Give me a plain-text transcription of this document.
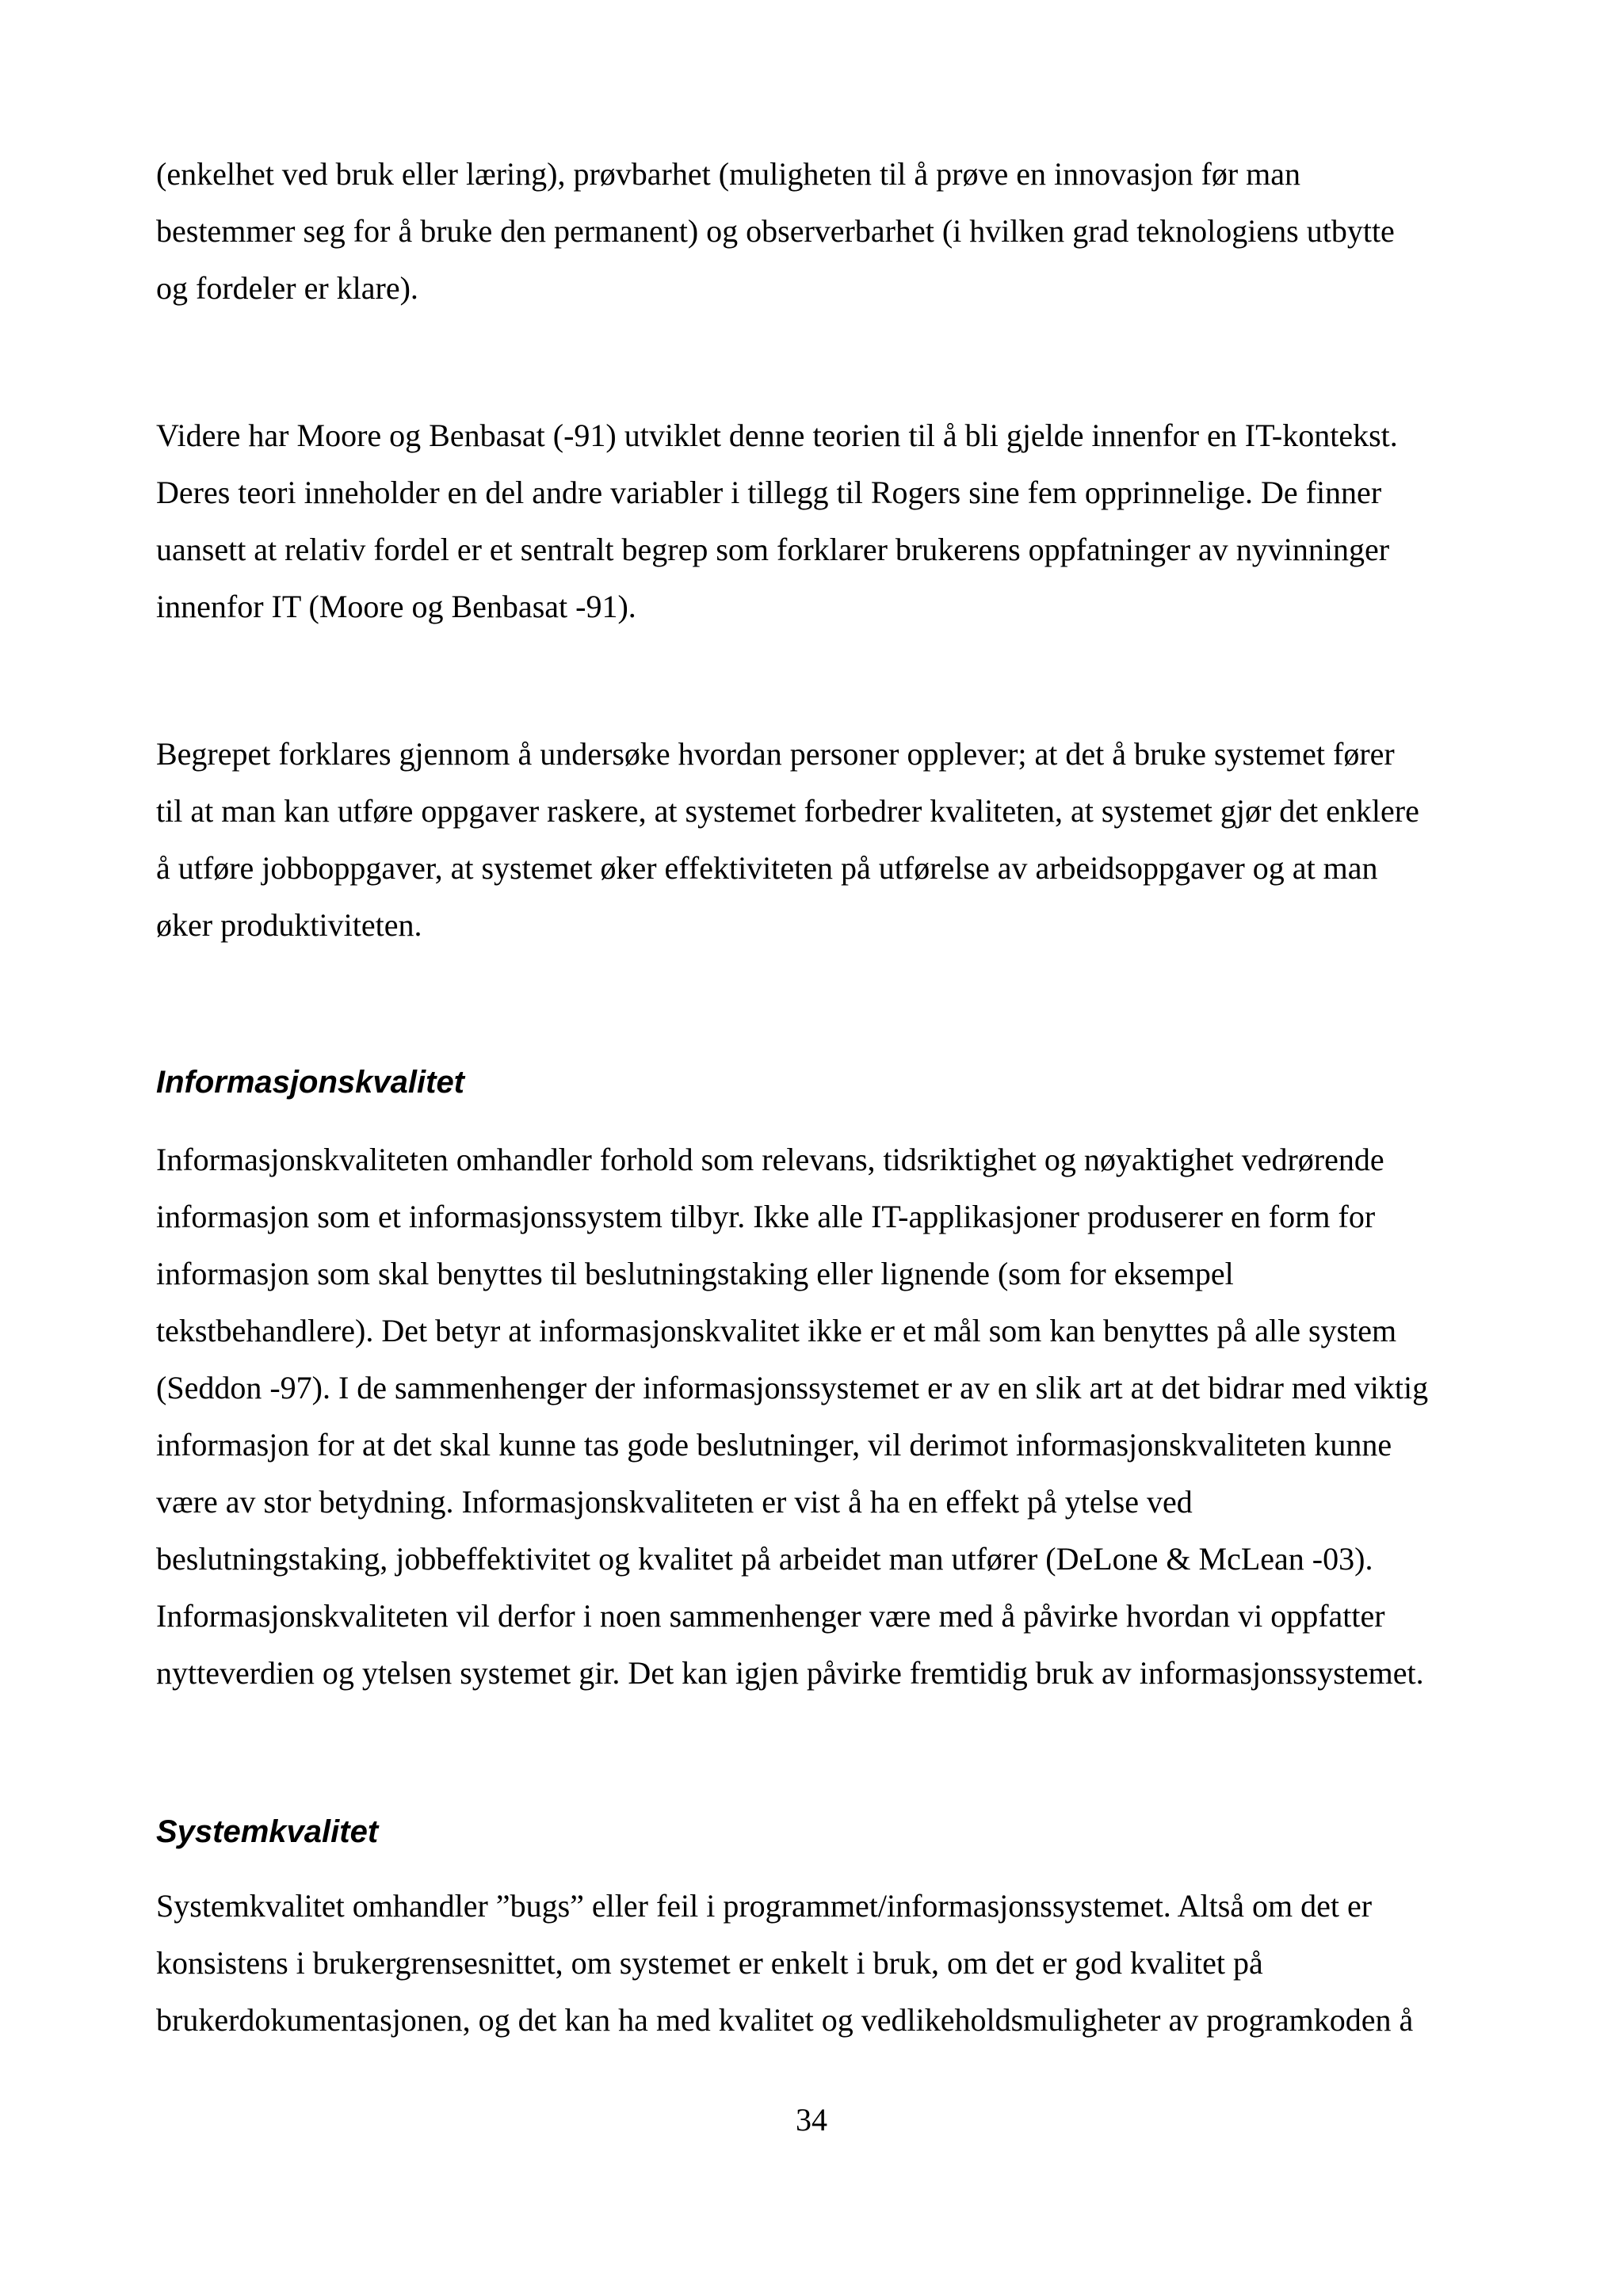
(enkelhet ved bruk eller læring), prøvbarhet (muligheten til å prøve en innovasjon før man
bestemmer seg for å bruke den permanent) og observerbarhet (i hvilken grad teknologiens utbytte
og fordeler er klare).
Videre har Moore og Benbasat (-91) utviklet denne teorien til å bli gjelde innenfor en IT-kontekst.
Deres teori inneholder en del andre variabler i tillegg til Rogers sine fem opprinnelige. De finner
uansett at relativ fordel er et sentralt begrep som forklarer brukerens oppfatninger av nyvinninger
innenfor IT (Moore og Benbasat -91).
Begrepet forklares gjennom å undersøke hvordan personer opplever; at det å bruke systemet fører
til at man kan utføre oppgaver raskere, at systemet forbedrer kvaliteten, at systemet gjør det enklere
å utføre jobboppgaver, at systemet øker effektiviteten på utførelse av arbeidsoppgaver og at man
øker produktiviteten.
Informasjonskvalitet
Informasjonskvaliteten omhandler forhold som relevans, tidsriktighet og nøyaktighet vedrørende
informasjon som et informasjonssystem tilbyr. Ikke alle IT-applikasjoner produserer en form for
informasjon som skal benyttes til beslutningstaking eller lignende (som for eksempel
tekstbehandlere). Det betyr at informasjonskvalitet ikke er et mål som kan benyttes på alle system
(Seddon -97). I de sammenhenger der informasjonssystemet er av en slik art at det bidrar med viktig
informasjon for at det skal kunne tas gode beslutninger, vil derimot informasjonskvaliteten kunne
være av stor betydning. Informasjonskvaliteten er vist å ha en effekt på ytelse ved
beslutningstaking, jobbeffektivitet og kvalitet på arbeidet man utfører (DeLone & McLean -03).
Informasjonskvaliteten vil derfor i noen sammenhenger være med å påvirke hvordan vi oppfatter
nytteverdien og ytelsen systemet gir. Det kan igjen påvirke fremtidig bruk av informasjonssystemet.
Systemkvalitet
Systemkvalitet omhandler ”bugs” eller feil i programmet/informasjonssystemet. Altså om det er
konsistens i brukergrensesnittet, om systemet er enkelt i bruk, om det er god kvalitet på
brukerdokumentasjonen, og det kan ha med kvalitet og vedlikeholdsmuligheter av programkoden å
34
